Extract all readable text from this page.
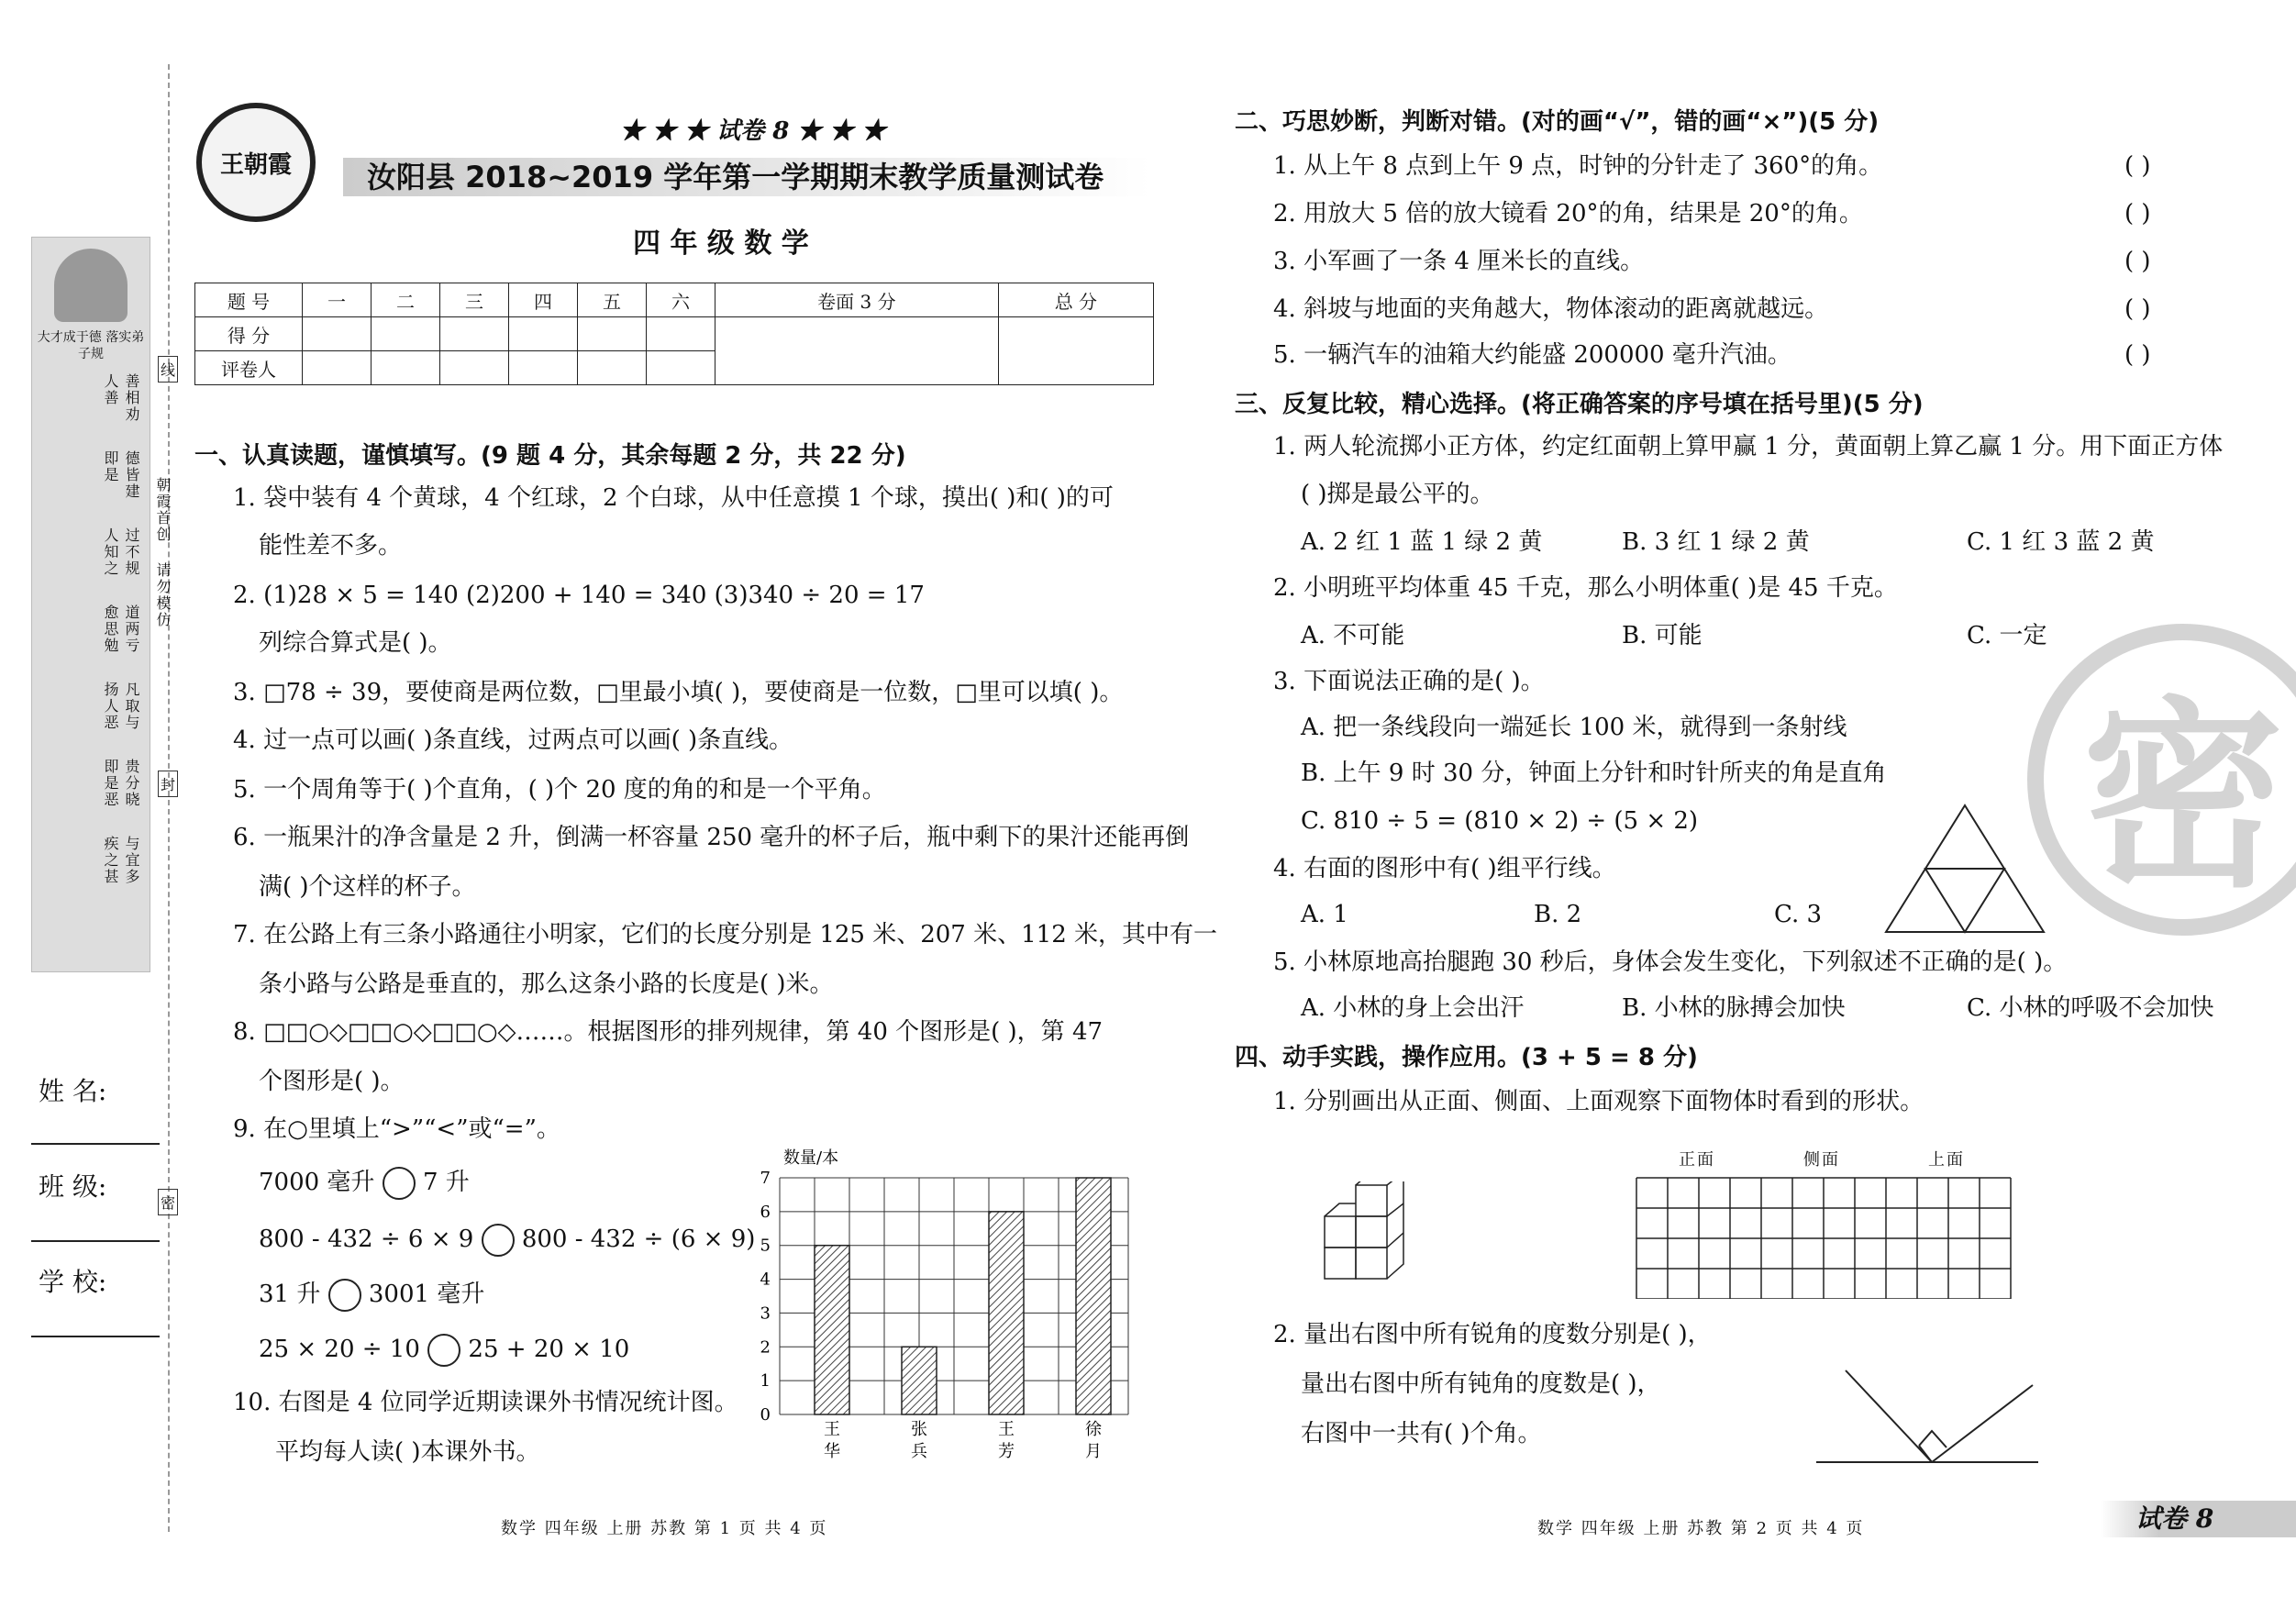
大才成于德 落实弟子规
善相劝 人善
德皆建 即是
过不规 人知之
道两亏 愈思勉
凡取与 扬人恶
贵分晓 即是恶
与宜多 疾之甚
朝霞首创 请勿模仿
线
封
密
姓 名:
班 级:
学 校:
王朝霞
★ ★ ★ 试卷 8 ★ ★ ★
汝阳县 2018~2019 学年第一学期期末教学质量测试卷
四 年 级 数 学
题 号	一	二	三	四	五	六	卷面 3 分	总 分
得 分								
评卷人								
一、认真读题，谨慎填写。(9 题 4 分，其余每题 2 分，共 22 分)
1. 袋中装有 4 个黄球，4 个红球，2 个白球，从中任意摸 1 个球，摸出( )和( )的可
能性差不多。
2. (1)28 × 5 = 140 (2)200 + 140 = 340 (3)340 ÷ 20 = 17
列综合算式是( )。
3. □78 ÷ 39，要使商是两位数，□里最小填( )，要使商是一位数，□里可以填( )。
4. 过一点可以画( )条直线，过两点可以画( )条直线。
5. 一个周角等于( )个直角，( )个 20 度的角的和是一个平角。
6. 一瓶果汁的净含量是 2 升，倒满一杯容量 250 毫升的杯子后，瓶中剩下的果汁还能再倒
满( )个这样的杯子。
7. 在公路上有三条小路通往小明家，它们的长度分别是 125 米、207 米、112 米，其中有一
条小路与公路是垂直的，那么这条小路的长度是( )米。
8. □□○◇□□○◇□□○◇……。根据图形的排列规律，第 40 个图形是( )，第 47
个图形是( )。
9. 在○里填上“>”“<”或“=”。
7000 毫升 7 升
800 - 432 ÷ 6 × 9 800 - 432 ÷ (6 × 9)
31 升 3001 毫升
25 × 20 ÷ 10 25 + 20 × 10
10. 右图是 4 位同学近期读课外书情况统计图。
平均每人读( )本课外书。
数量/本
0
1
2
3
4
5
6
7
王
华
张
兵
王
芳
徐
月
二、巧思妙断，判断对错。(对的画“√”，错的画“×”)(5 分)
1. 从上午 8 点到上午 9 点，时钟的分针走了 360°的角。
2. 用放大 5 倍的放大镜看 20°的角，结果是 20°的角。
3. 小军画了一条 4 厘米长的直线。
4. 斜坡与地面的夹角越大，物体滚动的距离就越远。
5. 一辆汽车的油箱大约能盛 200000 毫升汽油。
( )
( )
( )
( )
( )
三、反复比较，精心选择。(将正确答案的序号填在括号里)(5 分)
1. 两人轮流掷小正方体，约定红面朝上算甲赢 1 分，黄面朝上算乙赢 1 分。用下面正方体
( )掷是最公平的。
A. 2 红 1 蓝 1 绿 2 黄	B. 3 红 1 绿 2 黄	C. 1 红 3 蓝 2 黄
2. 小明班平均体重 45 千克，那么小明体重( )是 45 千克。
A. 不可能	B. 可能	C. 一定
3. 下面说法正确的是( )。
A. 把一条线段向一端延长 100 米，就得到一条射线
B. 上午 9 时 30 分，钟面上分针和时针所夹的角是直角
C. 810 ÷ 5 = (810 × 2) ÷ (5 × 2)
4. 右面的图形中有( )组平行线。
A. 1	B. 2	C. 3
5. 小林原地高抬腿跑 30 秒后，身体会发生变化，下列叙述不正确的是( )。
A. 小林的身上会出汗	B. 小林的脉搏会加快	C. 小林的呼吸不会加快
四、动手实践，操作应用。(3 + 5 = 8 分)
1. 分别画出从正面、侧面、上面观察下面物体时看到的形状。
正面	侧面	上面
2. 量出右图中所有锐角的度数分别是( )，
量出右图中所有钝角的度数是( )，
右图中一共有( )个角。
密
数学 四年级 上册 苏教 第 1 页 共 4 页	数学 四年级 上册 苏教 第 2 页 共 4 页	试卷 8
